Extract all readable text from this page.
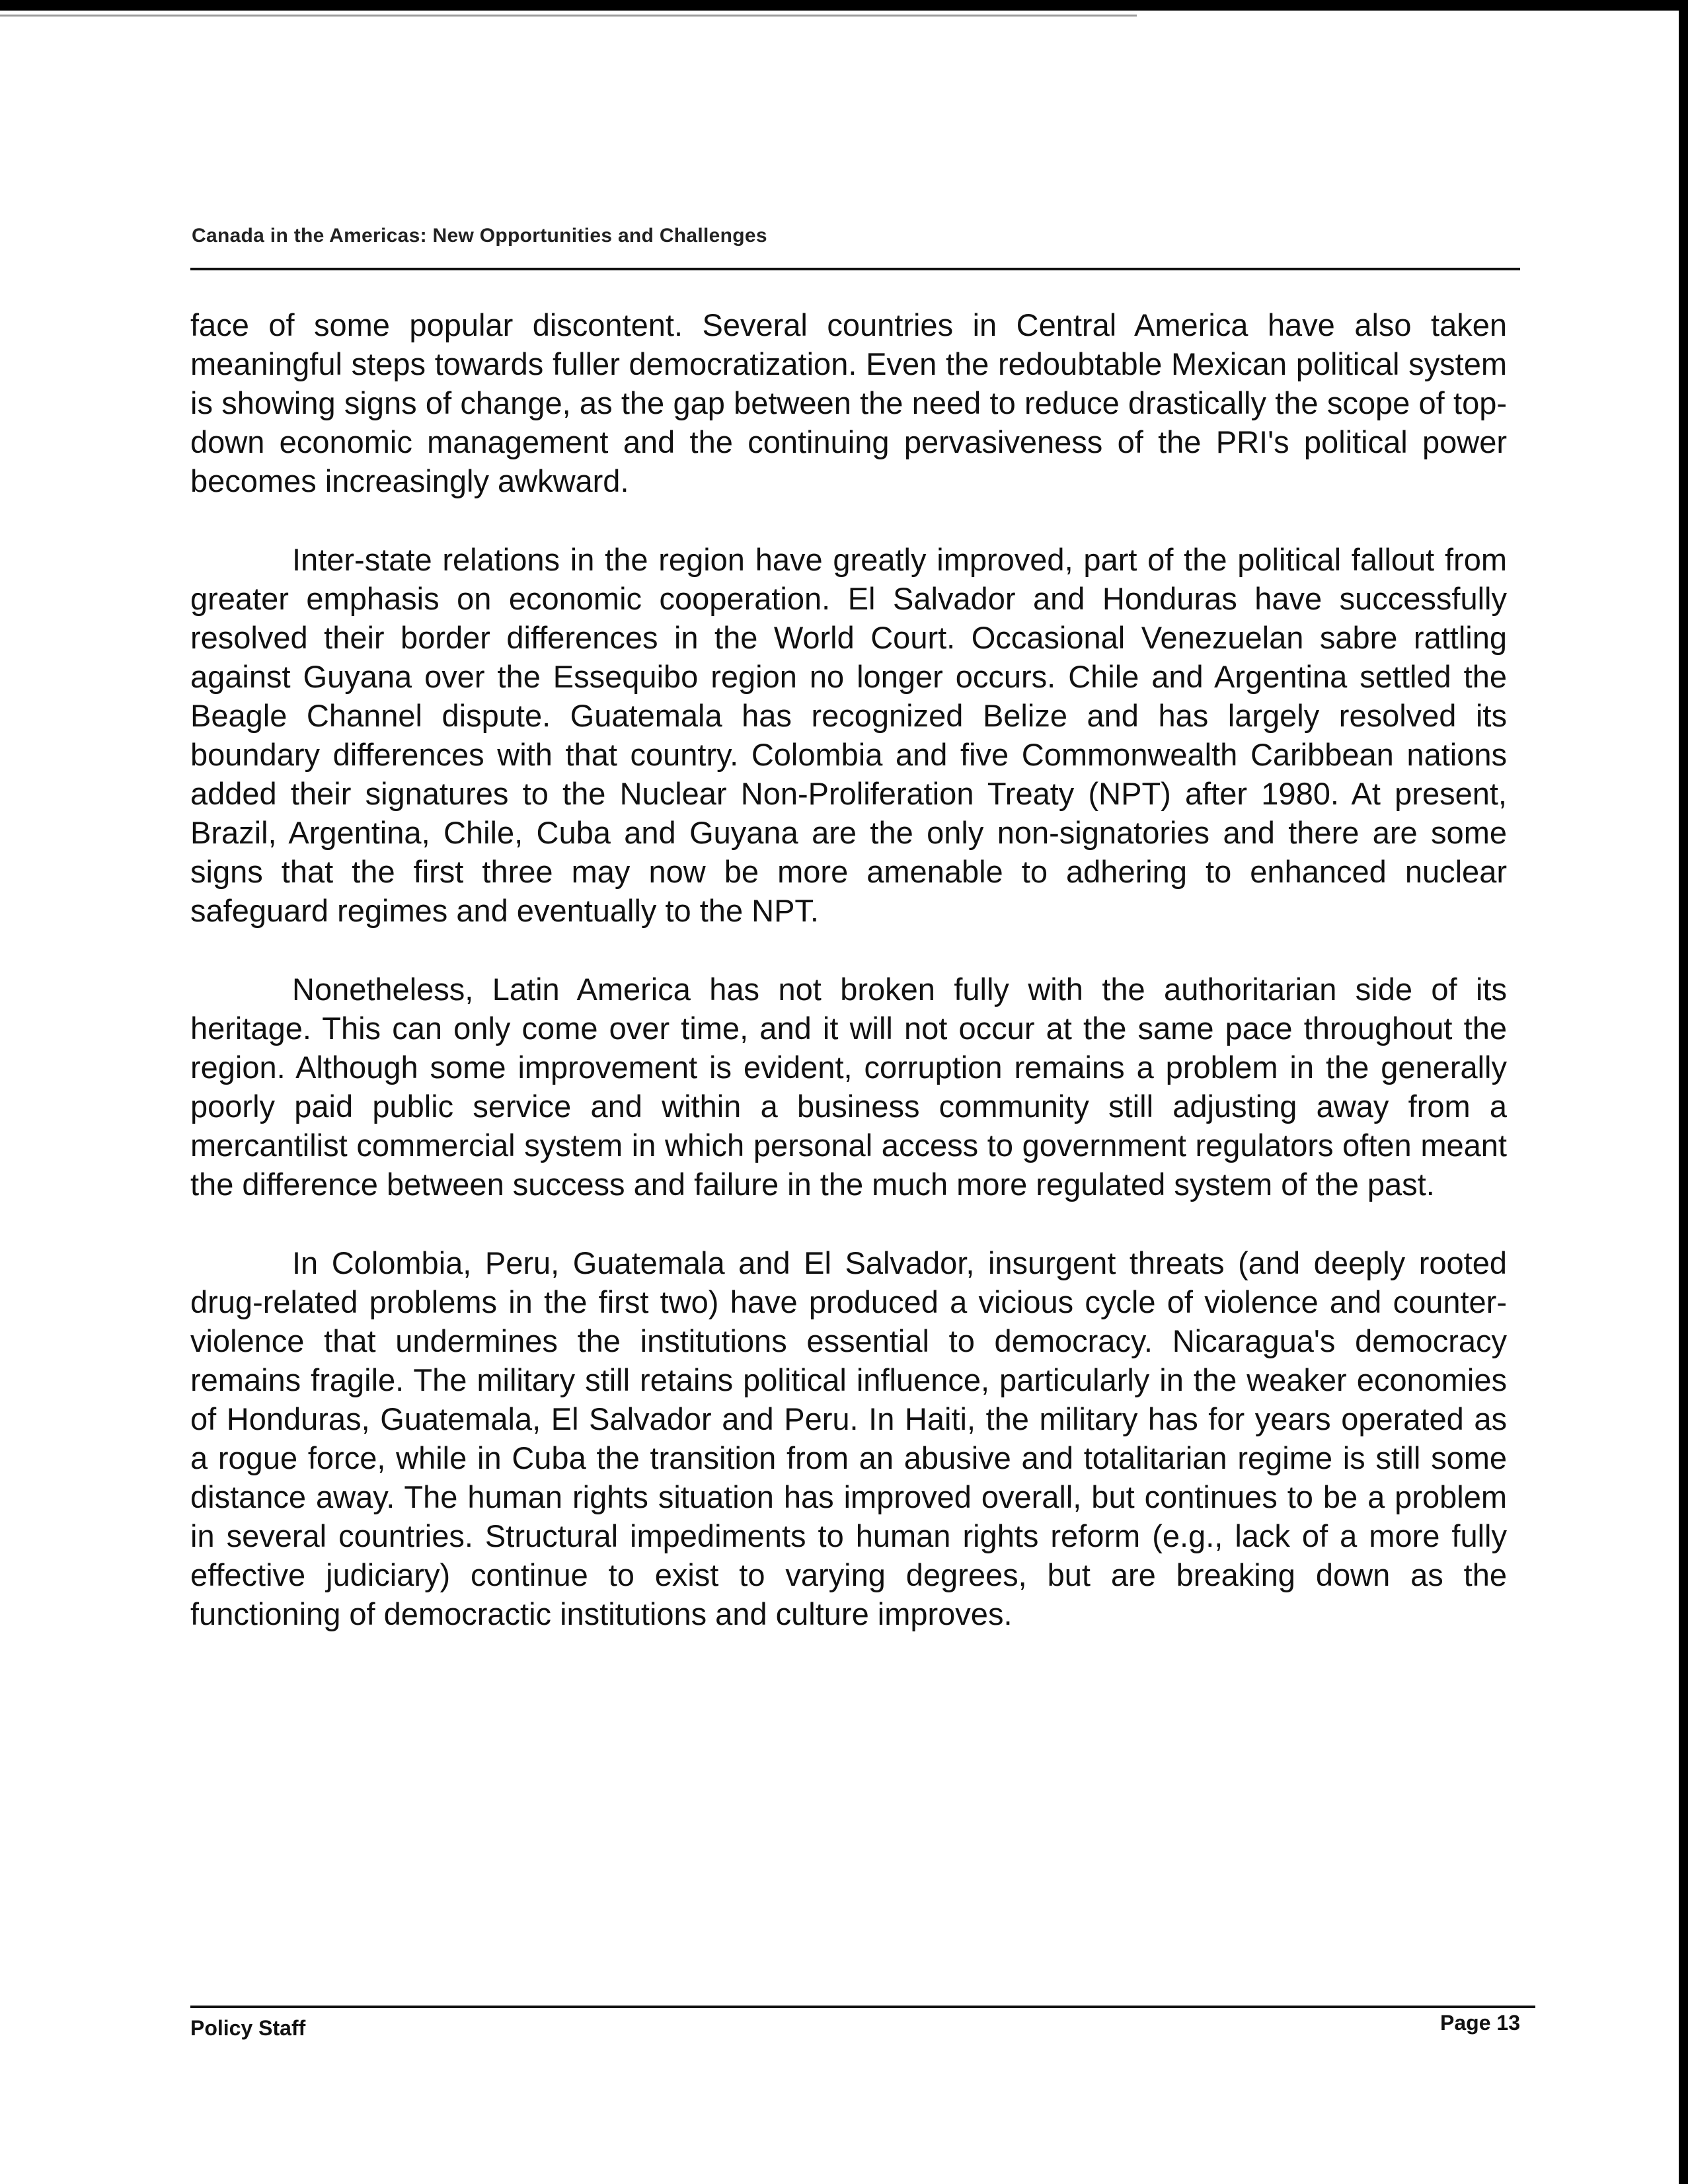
Canada in the Americas: New Opportunities and Challenges

face of some popular discontent. Several countries in Central America have also taken meaningful steps towards fuller democratization. Even the redoubtable Mexican political system is showing signs of change, as the gap between the need to reduce drastically the scope of top-down economic management and the continuing pervasiveness of the PRI's political power becomes increasingly awkward.

Inter-state relations in the region have greatly improved, part of the political fallout from greater emphasis on economic cooperation. El Salvador and Honduras have successfully resolved their border differences in the World Court. Occasional Venezuelan sabre rattling against Guyana over the Essequibo region no longer occurs. Chile and Argentina settled the Beagle Channel dispute. Guatemala has recognized Belize and has largely resolved its boundary differences with that country. Colombia and five Commonwealth Caribbean nations added their signatures to the Nuclear Non-Proliferation Treaty (NPT) after 1980. At present, Brazil, Argentina, Chile, Cuba and Guyana are the only non-signatories and there are some signs that the first three may now be more amenable to adhering to enhanced nuclear safeguard regimes and eventually to the NPT.

Nonetheless, Latin America has not broken fully with the authoritarian side of its heritage. This can only come over time, and it will not occur at the same pace throughout the region. Although some improvement is evident, corruption remains a problem in the generally poorly paid public service and within a business community still adjusting away from a mercantilist commercial system in which personal access to government regulators often meant the difference between success and failure in the much more regulated system of the past.

In Colombia, Peru, Guatemala and El Salvador, insurgent threats (and deeply rooted drug-related problems in the first two) have produced a vicious cycle of violence and counter-violence that undermines the institutions essential to democracy. Nicaragua's democracy remains fragile. The military still retains political influence, particularly in the weaker economies of Honduras, Guatemala, El Salvador and Peru. In Haiti, the military has for years operated as a rogue force, while in Cuba the transition from an abusive and totalitarian regime is still some distance away. The human rights situation has improved overall, but continues to be a problem in several countries. Structural impediments to human rights reform (e.g., lack of a more fully effective judiciary) continue to exist to varying degrees, but are breaking down as the functioning of democractic institutions and culture improves.

Policy Staff	Page 13
